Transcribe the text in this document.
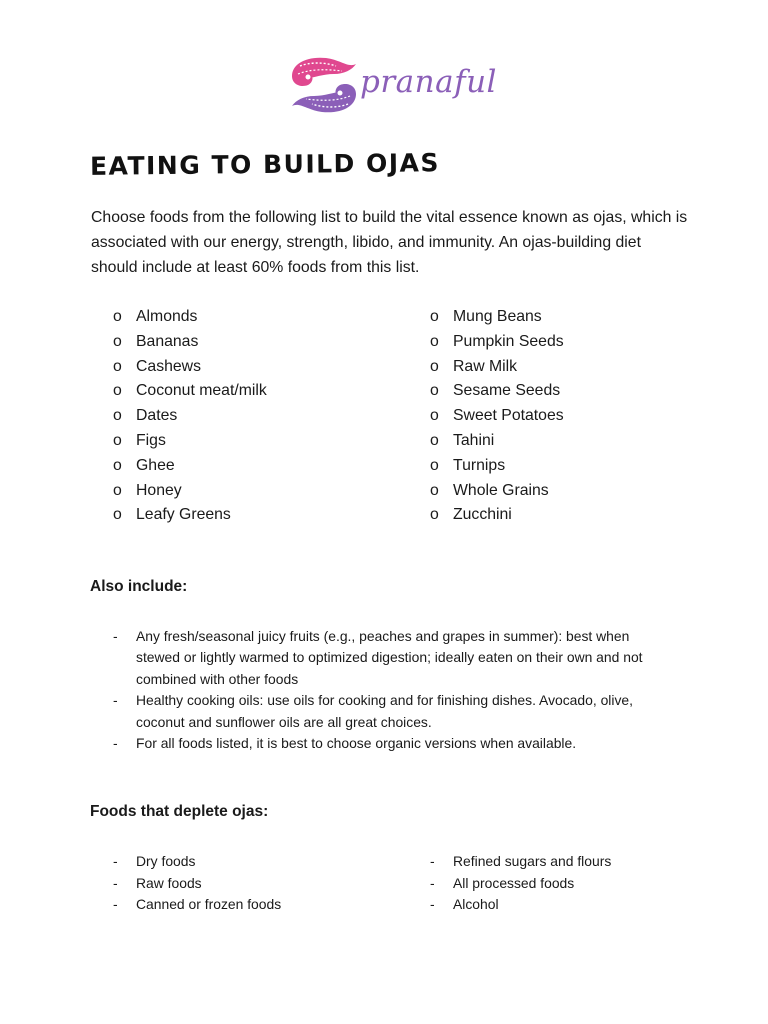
pranaful
EATING TO BUILD OJAS

Choose foods from the following list to build the vital essence known as ojas, which is associated with our energy, strength, libido, and immunity. An ojas-building diet should include at least 60% foods from this list.

o Almonds
o Bananas
o Cashews
o Coconut meat/milk
o Dates
o Figs
o Ghee
o Honey
o Leafy Greens
o Mung Beans
o Pumpkin Seeds
o Raw Milk
o Sesame Seeds
o Sweet Potatoes
o Tahini
o Turnips
o Whole Grains
o Zucchini
Also include:
- Any fresh/seasonal juicy fruits (e.g., peaches and grapes in summer): best when stewed or lightly warmed to optimized digestion; ideally eaten on their own and not combined with other foods
- Healthy cooking oils: use oils for cooking and for finishing dishes. Avocado, olive, coconut and sunflower oils are all great choices.
- For all foods listed, it is best to choose organic versions when available.
Foods that deplete ojas:
- Dry foods
- Raw foods
- Canned or frozen foods
- Refined sugars and flours
- All processed foods
- Alcohol
